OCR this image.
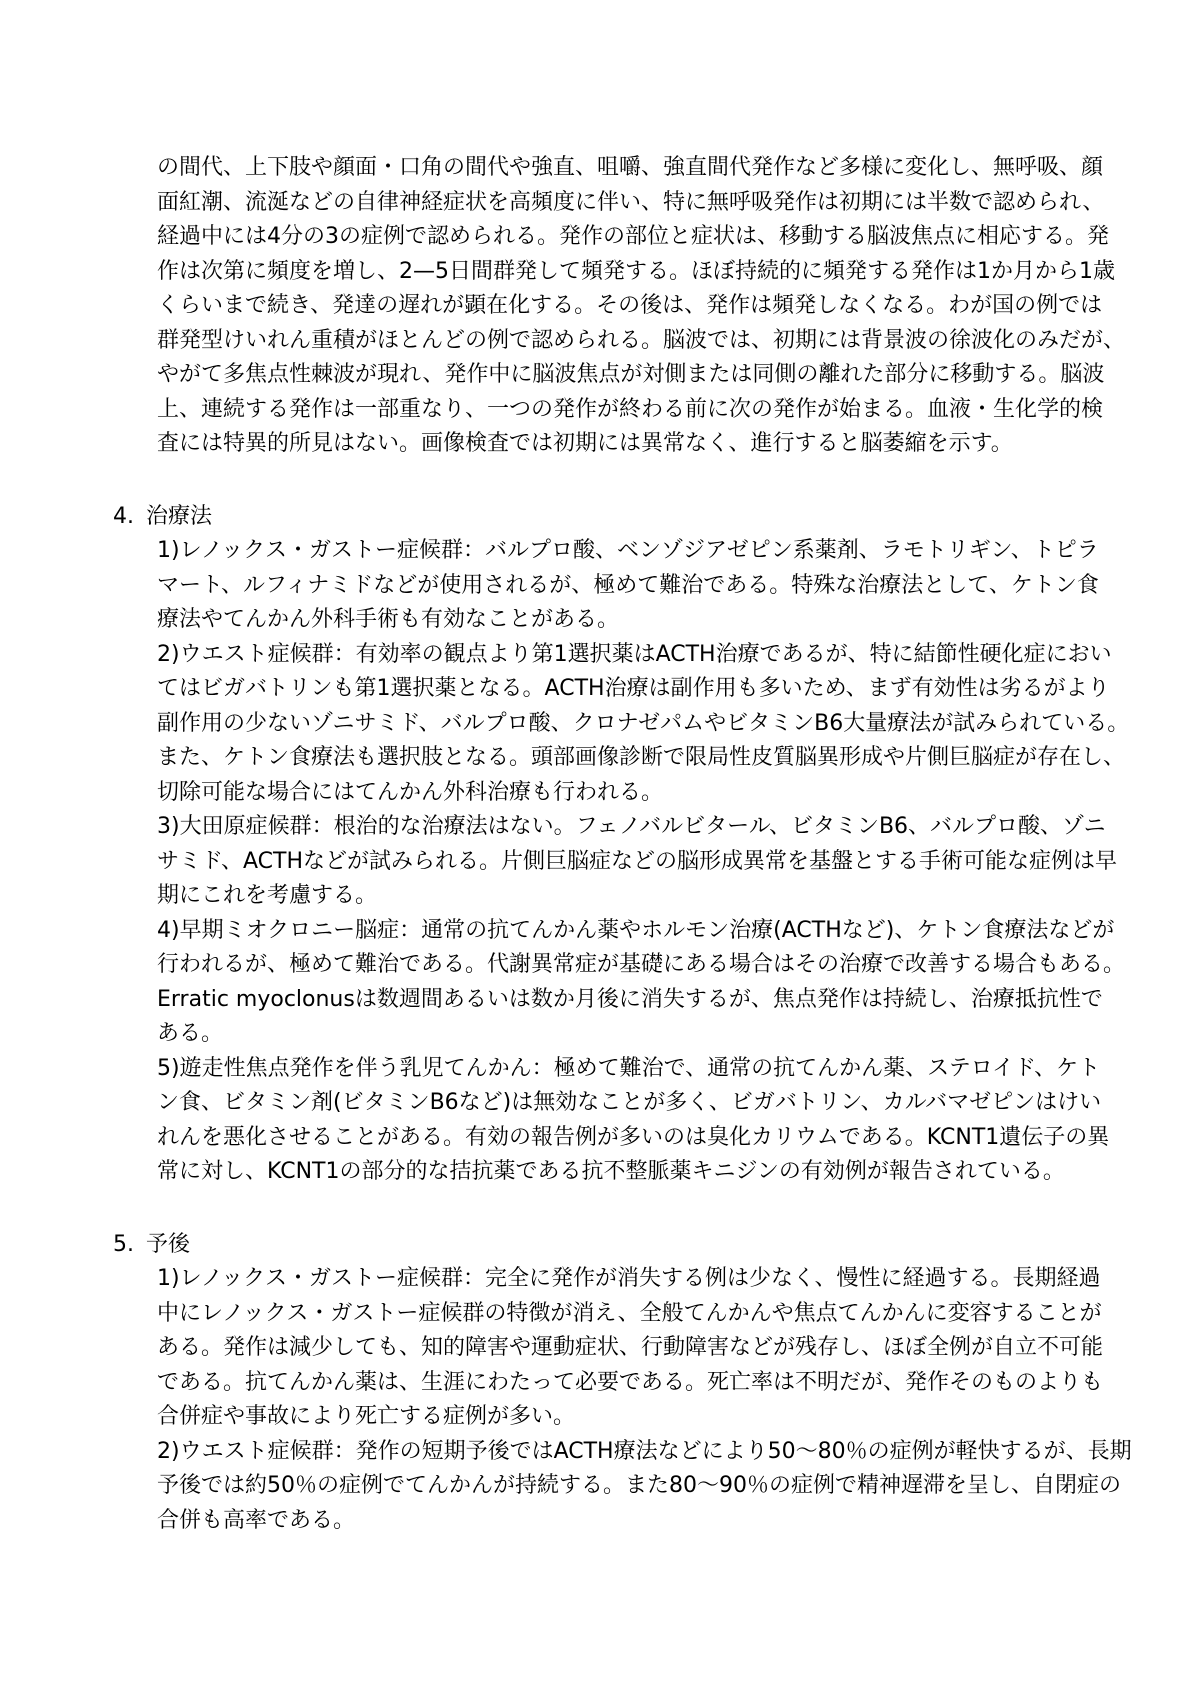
の間代、上下肢や顔面・口角の間代や強直、咀嚼、強直間代発作など多様に変化し、無呼吸、顔
面紅潮、流涎などの自律神経症状を高頻度に伴い、特に無呼吸発作は初期には半数で認められ、
経過中には4分の3の症例で認められる。発作の部位と症状は、移動する脳波焦点に相応する。発
作は次第に頻度を増し、2—5日間群発して頻発する。ほぼ持続的に頻発する発作は1か月から1歳
くらいまで続き、発達の遅れが顕在化する。その後は、発作は頻発しなくなる。わが国の例では
群発型けいれん重積がほとんどの例で認められる。脳波では、初期には背景波の徐波化のみだが、
やがて多焦点性棘波が現れ、発作中に脳波焦点が対側または同側の離れた部分に移動する。脳波
上、連続する発作は一部重なり、一つの発作が終わる前に次の発作が始まる。血液・生化学的検
査には特異的所見はない。画像検査では初期には異常なく、進行すると脳萎縮を示す。
4. 治療法
1)レノックス・ガストー症候群：バルプロ酸、ベンゾジアゼピン系薬剤、ラモトリギン、トピラ
マート、ルフィナミドなどが使用されるが、極めて難治である。特殊な治療法として、ケトン食
療法やてんかん外科手術も有効なことがある。
2)ウエスト症候群：有効率の観点より第1選択薬はACTH治療であるが、特に結節性硬化症におい
てはビガバトリンも第1選択薬となる。ACTH治療は副作用も多いため、まず有効性は劣るがより
副作用の少ないゾニサミド、バルプロ酸、クロナゼパムやビタミンB6大量療法が試みられている。
また、ケトン食療法も選択肢となる。頭部画像診断で限局性皮質脳異形成や片側巨脳症が存在し、
切除可能な場合にはてんかん外科治療も行われる。
3)大田原症候群：根治的な治療法はない。フェノバルビタール、ビタミンB6、バルプロ酸、ゾニ
サミド、ACTHなどが試みられる。片側巨脳症などの脳形成異常を基盤とする手術可能な症例は早
期にこれを考慮する。
4)早期ミオクロニー脳症：通常の抗てんかん薬やホルモン治療(ACTHなど)、ケトン食療法などが
行われるが、極めて難治である。代謝異常症が基礎にある場合はその治療で改善する場合もある。
Erratic myoclonusは数週間あるいは数か月後に消失するが、焦点発作は持続し、治療抵抗性で
ある。
5)遊走性焦点発作を伴う乳児てんかん：極めて難治で、通常の抗てんかん薬、ステロイド、ケト
ン食、ビタミン剤(ビタミンB6など)は無効なことが多く、ビガバトリン、カルバマゼピンはけい
れんを悪化させることがある。有効の報告例が多いのは臭化カリウムである。KCNT1遺伝子の異
常に対し、KCNT1の部分的な拮抗薬である抗不整脈薬キニジンの有効例が報告されている。
5. 予後
1)レノックス・ガストー症候群：完全に発作が消失する例は少なく、慢性に経過する。長期経過
中にレノックス・ガストー症候群の特徴が消え、全般てんかんや焦点てんかんに変容することが
ある。発作は減少しても、知的障害や運動症状、行動障害などが残存し、ほぼ全例が自立不可能
である。抗てんかん薬は、生涯にわたって必要である。死亡率は不明だが、発作そのものよりも
合併症や事故により死亡する症例が多い。
2)ウエスト症候群：発作の短期予後ではACTH療法などにより50～80％の症例が軽快するが、長期
予後では約50％の症例でてんかんが持続する。また80～90％の症例で精神遅滞を呈し、自閉症の
合併も高率である。
